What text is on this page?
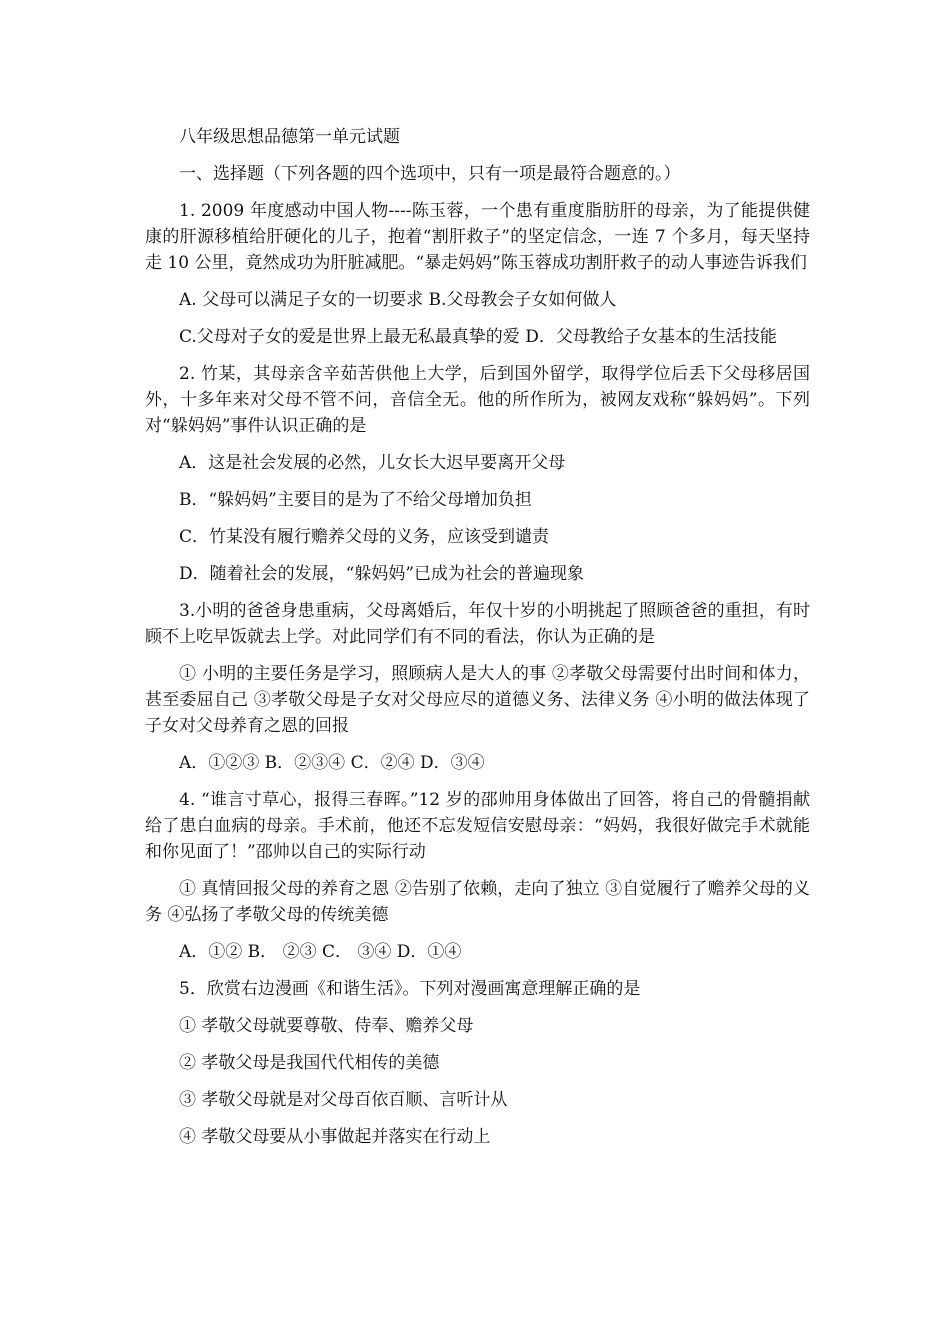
八年级思想品德第一单元试题

一、选择题（下列各题的四个选项中，只有一项是最符合题意的。）

1. 2009 年度感动中国人物----陈玉蓉，一个患有重度脂肪肝的母亲，为了能提供健康的肝源移植给肝硬化的儿子，抱着“割肝救子”的坚定信念，一连 7 个多月，每天坚持走 10 公里，竟然成功为肝脏减肥。“暴走妈妈”陈玉蓉成功割肝救子的动人事迹告诉我们

A. 父母可以满足子女的一切要求 B.父母教会子女如何做人

C.父母对子女的爱是世界上最无私最真挚的爱 D．父母教给子女基本的生活技能

2. 竹某，其母亲含辛茹苦供他上大学，后到国外留学，取得学位后丢下父母移居国外，十多年来对父母不管不问，音信全无。他的所作所为，被网友戏称“躲妈妈”。下列对“躲妈妈”事件认识正确的是

A．这是社会发展的必然，儿女长大迟早要离开父母

B．“躲妈妈”主要目的是为了不给父母增加负担

C．竹某没有履行赡养父母的义务，应该受到谴责

D．随着社会的发展，“躲妈妈”已成为社会的普遍现象

3.小明的爸爸身患重病，父母离婚后，年仅十岁的小明挑起了照顾爸爸的重担，有时顾不上吃早饭就去上学。对此同学们有不同的看法，你认为正确的是

① 小明的主要任务是学习，照顾病人是大人的事 ②孝敬父母需要付出时间和体力，甚至委屈自己 ③孝敬父母是子女对父母应尽的道德义务、法律义务 ④小明的做法体现了子女对父母养育之恩的回报

A．①②③ B．②③④ C．②④ D．③④

4. “谁言寸草心，报得三春晖。”12 岁的邵帅用身体做出了回答，将自己的骨髓捐献给了患白血病的母亲。手术前，他还不忘发短信安慰母亲：“妈妈，我很好做完手术就能和你见面了！”邵帅以自己的实际行动

① 真情回报父母的养育之恩 ②告别了依赖，走向了独立 ③自觉履行了赡养父母的义务 ④弘扬了孝敬父母的传统美德

A．①② B． ②③ C． ③④ D．①④

5．欣赏右边漫画《和谐生活》。下列对漫画寓意理解正确的是

① 孝敬父母就要尊敬、侍奉、赡养父母

② 孝敬父母是我国代代相传的美德

③ 孝敬父母就是对父母百依百顺、言听计从

④ 孝敬父母要从小事做起并落实在行动上
